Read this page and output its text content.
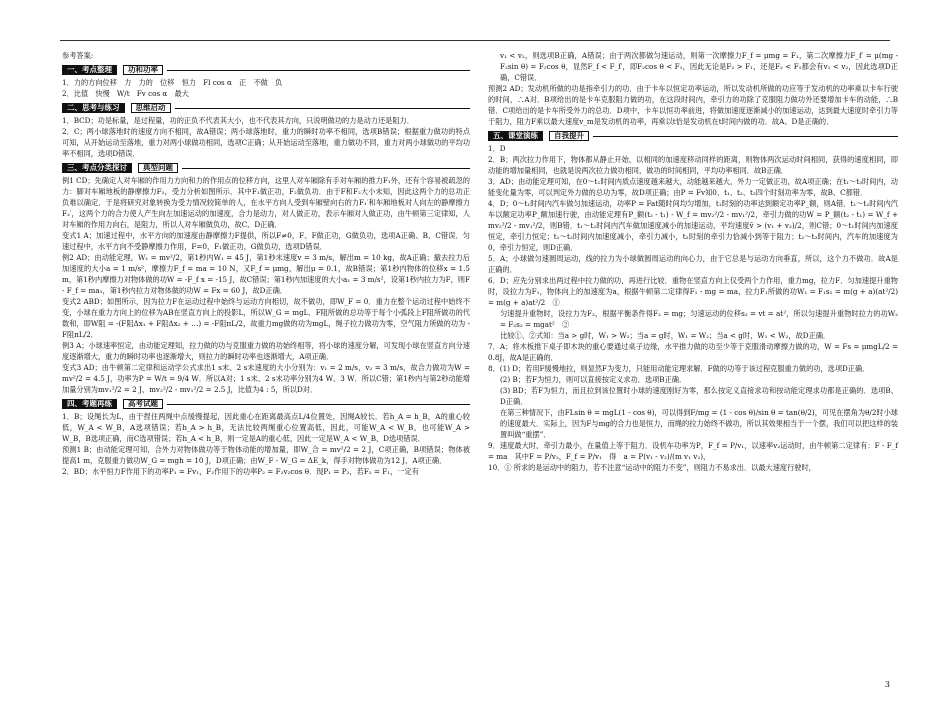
参考答案:

一、考点整理	功和功率

1．力的方向位移　力　力的　位移　恒力　Fl cos α　正　不做　负

2．比值　快慢　W/t　Fv cos α　最大

二、思考与练习	思维启动

1．BCD；功是标量，是过程量，功的正负不代表其大小，也不代表其方向，只说明做功的力是动力还是阻力．

2．C；两小球落地时的速度方向不相同，故A错误；两小球落地时，重力的瞬时功率不相同，选项B错误；根据重力做功的特点可知，从开始运动至落地，重力对两小球做功相同，选项C正确；从开始运动至落地，重力做功不同，重力对两小球做功的平均功率不相同，选项D错误．

三、考点分类探讨	典型问题

例1 CD；先确定人对车厢的作用力方向和力的作用点的位移方向，这里人对车厢除有手对车厢的推力F₁外，还有个容易被疏忽的力：脚对车厢地板的静摩擦力F₂，受力分析如图所示．其中F₁做正功，F₂做负功．由于F和F₂大小未知，因此这两个力的总功正负难以确定．于是将研究对象转换为受力情况较简单的人，在水平方向人受到车厢壁向右的力F₁′和车厢地板对人向左的静摩擦力F₂′，这两个力的合力使人产生向左加速运动的加速度，合力是动力，对人做正功，表示车厢对人做正功，由牛顿第三定律知，人对车厢的作用力向右，是阻力，所以人对车厢做负功，故C、D正确．

变式1 A；加速过程中，水平方向的加速度由静摩擦力F提供，所以F≠0，F、F做正功，G做负功，选项A正确、B、C错误．匀速过程中，水平方向不受静摩擦力作用，F=0，F₁做正功，G做负功，选项D错误．

例2 AD；由动能定理，W₁ = mv²/2，第1秒内W₁ = 45 J，第1秒末速度v = 3 m/s，解出m = 10 kg，故A正确；撤去拉力后加速度的大小a = 1 m/s²，摩擦力F_f = ma = 10 N，又F_f = μmg，解出μ = 0.1，故B错误；第1秒内物体的位移x = 1.5 m，第1秒内摩擦力对物体做的功W = -F_f x = -15 J，故C错误；第1秒内加速度的大小a₁ = 3 m/s²，设第1秒内拉力为F，则F - F_f = ma₁，第1秒内拉力对物体做的功W = Fx = 60 J，故D正确．

变式2 ABD；如图所示，因为拉力F在运动过程中始终与运动方向相切，故不做功，即W_F = 0．重力在整个运动过程中始终不变，小球在重力方向上的位移为AB在竖直方向上的投影L，所以W_G = mgL．F阻所做的总功等于每个小弧段上F阻所做功的代数和，即W阻 = -(F阻Δx₁ + F阻Δx₂ + …) = -F阻πL/2，故重力mg做的功为mgL，绳子拉力做功为零，空气阻力所做的功为 -F阻πL/2．

例3 A；小球速率恒定，由动能定理知，拉力做的功与克服重力做的功始终相等，将小球的速度分解，可发现小球在竖直方向分速度逐渐增大，重力的瞬时功率也逐渐增大，则拉力的瞬时功率也逐渐增大，A项正确．

变式3 AD；由牛顿第二定律和运动学公式求出1 s末、2 s末速度的大小分别为：v₁ = 2 m/s，v₂ = 3 m/s，故合力做功为W = mv²/2 = 4.5 J，功率为P = W/t = 9/4 W．所以A对；1 s末、2 s末功率分别为4 W、3 W．所以C错；第1秒内与第2秒动能增加量分别为mv₁²/2 = 2 J、mv₂²/2 - mv₁²/2 = 2.5 J，比值为4 : 5，所以D对．

四、考题再练	高考试题

1．B；设绳长为L，由于捏住两绳中点缓慢提起，因此重心在距离最高点L/4位置处，因绳A较长．若h_A = h_B，A的重心较低，W_A < W_B，A选项错误；若h_A > h_B，无法比较两绳重心位置高低，因此，可能W_A < W_B，也可能W_A > W_B，B选项正确，而C选项错误；若h_A < h_B，则一定是A的重心低，因此一定是W_A < W_B，D选项错误．

预测1 B；由动能定理可知，合外力对物体做功等于物体动能的增加量，即W_合 = mv²/2 = 2 J，C项正确，B项错误；物体被提高1 m，克服重力做功W_G = mgh = 10 J，D项正确；由W_F - W_G = ΔE_k，得手对物体做功为12 J，A项正确．

2．BD；水平恒力F作用下的功率P₁ = Fv₁，F₂作用下的功率P₂ = F₂v₂cos θ．现P₁ = P₂，若F₂ = F₁，一定有

v₁ < v₂，则选项B正确，A错误；由于两次都做匀速运动，则第一次摩擦力F_f = μmg = F₁，第二次摩擦力F_f′ = μ(mg - F₂sin θ) = F₂cos θ，显然F_f < F_f′，即F₂cos θ < F₁，因此无论是F₂ > F₁，还是F₂ < F₁都会有v₁ < v₂，因此选项D正确，C错误．

预测2 AD；发动机所做的功是指牵引力的功．由于卡车以恒定功率运动，所以发动机所做的功应等于发动机的功率乘以卡车行驶的时间，∴A对．B项给出的是卡车克服阻力做的功，在这段时间内，牵引力的功除了克服阻力做功外还要增加卡车的动能，∴B错．C项给出的是卡车所受外力的总功．D项中，卡车以恒功率前进，将做加速度逐渐减小的加速运动，达到最大速度时牵引力等于阻力，阻力F乘以最大速度v_m是发动机的功率，再乘以t恰是发动机在t时间内做的功．故A、D是正确的．

五、课堂演练	自我提升

1．D

2．B；两次拉力作用下，物体都从静止开始，以相同的加速度移动同样的距离，则物体两次运动时间相同，获得的速度相同，即动能的增加量相同，也就是说两次拉力做功相同，做功的时间相同，平均功率相同．故B正确．

3．AD；由动能定理可知，在0～t₁时间内质点速度越来越大，动能越来越大，外力一定做正功，故A项正确；在t₁～t₃时间内，动能变化量为零，可以判定外力做的总功为零，故D项正确；由P = Fv知0、t₁、t₂、t₃四个时刻功率为零，故B、C都错．

4．D；0～t₁时间内汽车做匀加速运动，功率P = Fat随时间均匀增加，t₁时刻的功率达到额定功率P_额，则A错．t₁～t₂时间内汽车以额定功率P_额加速行驶，由动能定理有P_额(t₂ - t₁) - W_f = mv₂²/2 - mv₁²/2，牵引力做的功W = P_额(t₂ - t₁) = W_f + mv₂²/2 - mv₁²/2，则B错．t₁～t₂时间内汽车做加速度减小的加速运动，平均速度v̄ > (v₁ + v₂)/2，则C错；0～t₁时间内加速度恒定，牵引力恒定；t₁～t₂时间内加速度减小，牵引力减小，t₂时刻的牵引力恰减小到等于阻力；t₂～t₃时间内，汽车的加速度为0，牵引力恒定，则D正确．

5．A；小球做匀速圆周运动，线的拉力为小球做圆周运动的向心力，由于它总是与运动方向垂直，所以，这个力不做功．故A是正确的．

6．D；应先分别求出两过程中拉力做的功，再进行比较．重物在竖直方向上仅受两个力作用，重力mg，拉力F．匀加速提升重物时，设拉力为F₁，物体向上的加速度为a，根据牛顿第二定律得F₁ - mg = ma，拉力F₁所做的功W₁ = F₁s₁ = m(g + a)(at²/2) = m(g + a)at²/2　①

匀速提升重物时，设拉力为F₂，根据平衡条件得F₂ = mg；匀速运动的位移s₂ = vt = at²，所以匀速提升重物时拉力的功W₂ = F₂s₂ = mgat²　②

比较①、②式知：当a > g时，W₁ > W₂；当a = g时，W₁ = W₂；当a < g时，W₁ < W₂，故D正确．

7．A；将木板推下桌子即木块的重心要通过桌子边缘，水平推力做的功至少等于克服滑动摩擦力做的功，W = Fs = μmgL/2 = 0.8J，故A是正确的．

8．(1) D；若用F缓慢地拉，则显然F为变力，只能用动能定理求解．F做的功等于该过程克服重力做的功，选项D正确．

(2) B；若F为恒力，则可以直接按定义求功．选项B正确．

(3) BD；若F为恒力，而且拉到该位置时小球的速度刚好为零，那么按定义直接求功和按动能定理求功都是正确的．选项B、D正确．

在第三种情况下，由FLsin θ = mgL(1 - cos θ)，可以得到F/mg = (1 - cos θ)/sin θ = tan(θ/2)，可见在摆角为θ/2时小球的速度最大．实际上，因为F与mg的合力也是恒力，而绳的拉力始终不做功，所以其效果相当于一个摆，我们可以把这样的装置叫做“重摆”．

9．速度最大时，牵引力最小，在量值上等于阻力．设机车功率为P，F_f = P/v₁，以速率v₂运动时，由牛顿第二定律有：F - F_f = ma　其中F = P/v₂，F_f = P/v₁　得　a = P(v₁ - v₂)/(m v₁ v₂)，

10．① 所求的是运动中的阻力，若不注意“运动中的阻力不变”，则阻力不易求出．以最大速度行驶时，

3
